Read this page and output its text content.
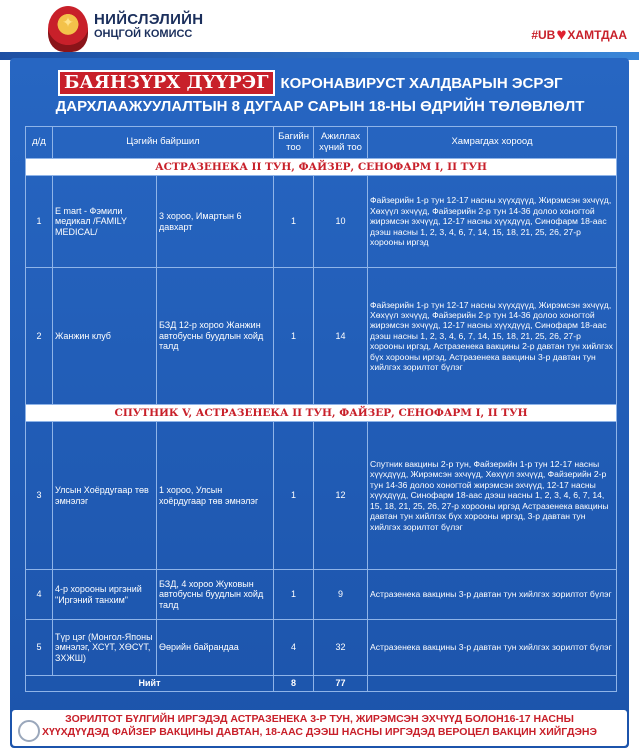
✦ НИЙСЛЭЛИЙН
ОНЦГОЙ КОМИСС	#UB ♥ ХАМТДАА
БАЯНЗҮРХ ДҮҮРЭГ КОРОНАВИРУСТ ХАЛДВАРЫН ЭСРЭГ
ДАРХЛААЖУУЛАЛТЫН 8 ДУГААР САРЫН 18-НЫ ӨДРИЙН ТӨЛӨВЛӨЛТ
д/д	Цэгийн байршил		Багийн тоо	Ажиллах хүний тоо	Хамрагдах хороод

АСТРАЗЕНЕКА II ТУН, ФАЙЗЕР, СЕНОФАРМ I, II ТУН					

1	E mart - Фэмили медикал /FAMILY MEDICAL/	3 хороо, Имартын 6 давхарт	1	10	Файзерийн 1-р тун 12-17 насны хүүхдүүд, Жирэмсэн эхчүүд, Хөхүүл эхчүүд, Файзерийн 2-р тун 14-36 долоо хоногтой жирэмсэн эхчүүд, 12-17 насны хүүхдүүд, Синофарм 18-аас дээш насны 1, 2, 3, 4, 6, 7, 14, 15, 18, 21, 25, 26, 27-р хорооны иргэд
2	Жанжин клуб	БЗД 12-р хороо Жанжин автобусны буудлын хойд талд	1	14	Файзерийн 1-р тун 12-17 насны хүүхдүүд, Жирэмсэн эхчүүд, Хөхүүл эхчүүд, Файзерийн 2-р тун 14-36 долоо хоногтой жирэмсэн эхчүүд, 12-17 насны хүүхдүүд, Синофарм 18-аас дээш насны 1, 2, 3, 4, 6, 7, 14, 15, 18, 21, 25, 26, 27-р хорооны иргэд, Астразенека вакцины 2-р давтан тун хийлгэх бүх хорооны иргэд, Астразенека вакцины 3-р давтан тун хийлгэх зорилтот бүлэг

СПУТНИК V, АСТРАЗЕНЕКА II ТУН, ФАЙЗЕР, СЕНОФАРМ I, II ТУН					

3	Улсын Хоёрдугаар төв эмнэлэг	1 хороо, Улсын хоёрдугаар төв эмнэлэг	1	12	Спутник вакцины 2-р тун, Файзерийн 1-р тун 12-17 насны хүүхдүүд, Жирэмсэн эхчүүд, Хөхүүл эхчүүд, Файзерийн 2-р тун 14-36 долоо хоногтой жирэмсэн эхчүүд, 12-17 насны хүүхдүүд, Синофарм 18-аас дээш насны 1, 2, 3, 4, 6, 7, 14, 15, 18, 21, 25, 26, 27-р хорооны иргэд Астразенека вакцины давтан тун хийлгэх бүх хорооны иргэд, 3-р давтан тун хийлгэх зорилтот бүлэг
4	4-р хорооны иргэний "Иргэний танхим"	БЗД, 4 хороо Жуковын автобусны буудлын хойд талд	1	9	Астразенека вакцины 3-р давтан тун хийлгэх зорилтот бүлэг
5	Түр цэг (Монгол-Японы эмнэлэг, ХСҮТ, ХӨСҮТ, ЗХЖШ)	Өөрийн байрандаа	4	32	Астразенека вакцины 3-р давтан тун хийлгэх зорилтот бүлэг
Нийт			8	77	
ЗОРИЛТОТ БҮЛГИЙН ИРГЭДЭД АСТРАЗЕНЕКА 3-Р ТУН, ЖИРЭМСЭН ЭХЧҮҮД БОЛОН16-17 НАСНЫ
ХҮҮХДҮҮДЭД ФАЙЗЕР ВАКЦИНЫ ДАВТАН, 18-ААС ДЭЭШ НАСНЫ ИРГЭДЭД ВЕРОЦЕЛ ВАКЦИН ХИЙГДЭНЭ
